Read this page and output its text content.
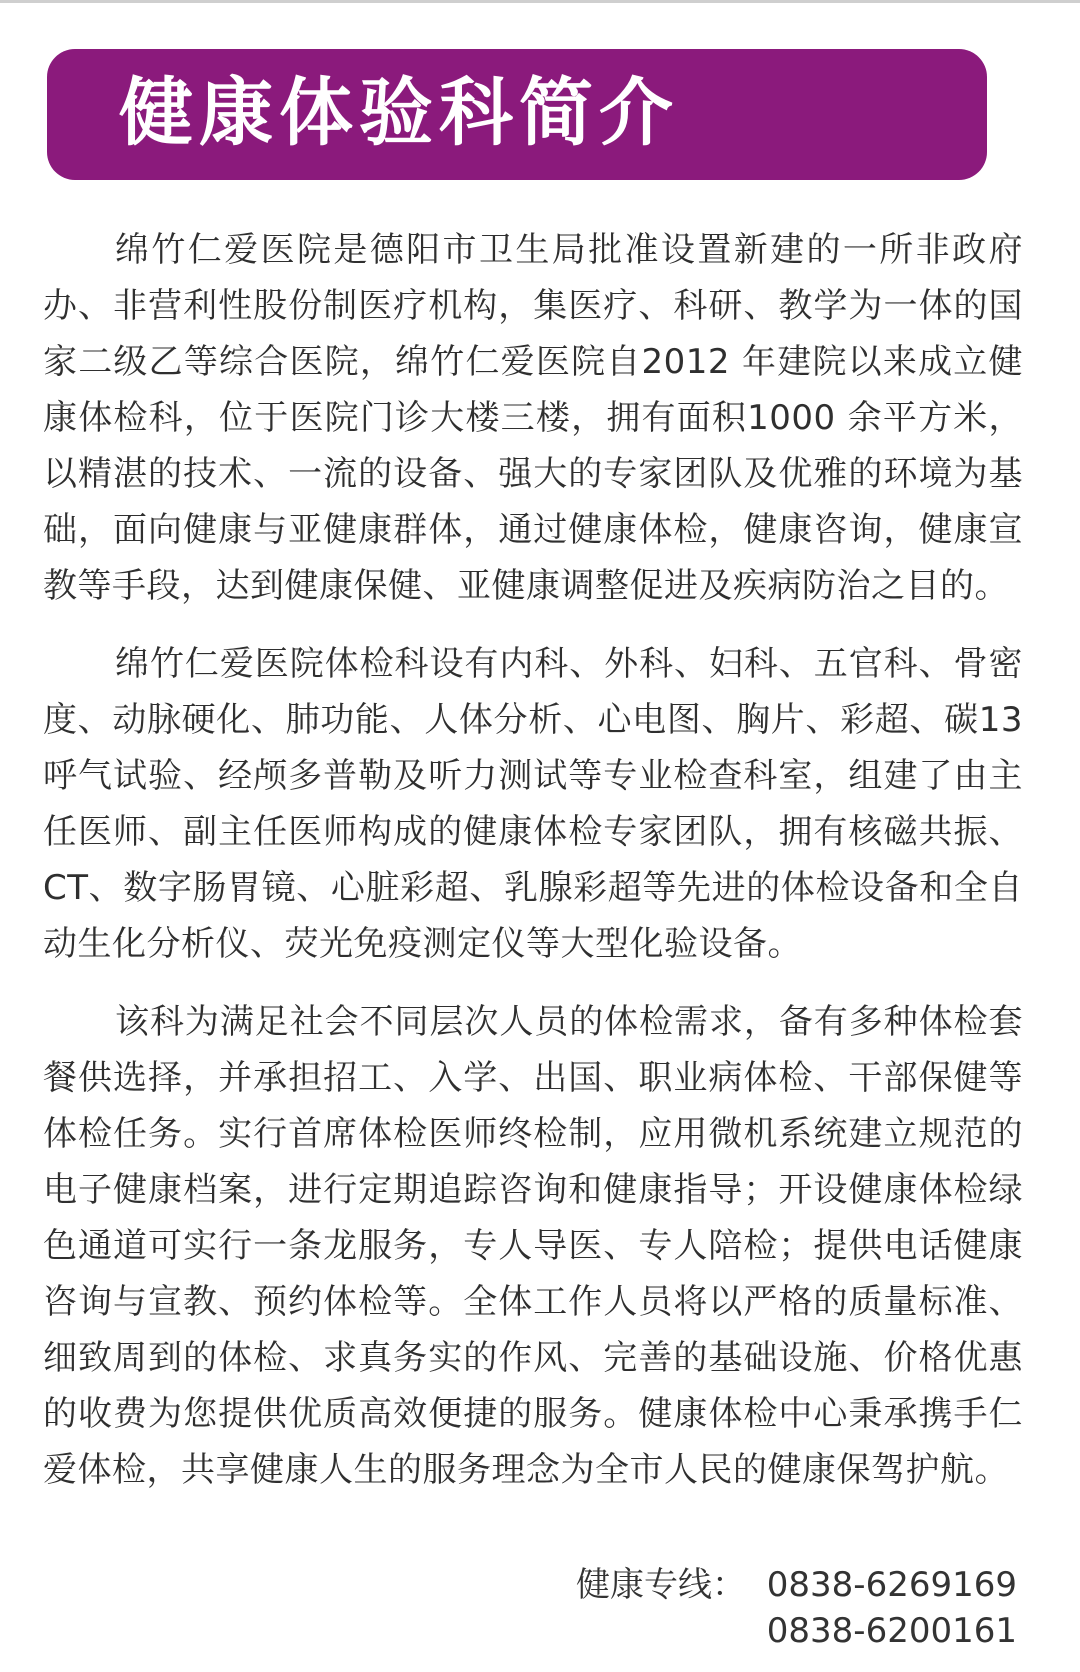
健康体验科简介

绵竹仁爱医院是德阳市卫生局批准设置新建的一所非政府办、非营利性股份制医疗机构，集医疗、科研、教学为一体的国家二级乙等综合医院，绵竹仁爱医院自2012 年建院以来成立健康体检科，位于医院门诊大楼三楼，拥有面积1000 余平方米，以精湛的技术、一流的设备、强大的专家团队及优雅的环境为基础，面向健康与亚健康群体，通过健康体检，健康咨询，健康宣教等手段，达到健康保健、亚健康调整促进及疾病防治之目的。

绵竹仁爱医院体检科设有内科、外科、妇科、五官科、骨密度、动脉硬化、肺功能、人体分析、心电图、胸片、彩超、碳13 呼气试验、经颅多普勒及听力测试等专业检查科室，组建了由主任医师、副主任医师构成的健康体检专家团队，拥有核磁共振、CT、数字肠胃镜、心脏彩超、乳腺彩超等先进的体检设备和全自动生化分析仪、荧光免疫测定仪等大型化验设备。

该科为满足社会不同层次人员的体检需求，备有多种体检套餐供选择，并承担招工、入学、出国、职业病体检、干部保健等体检任务。实行首席体检医师终检制，应用微机系统建立规范的电子健康档案，进行定期追踪咨询和健康指导；开设健康体检绿色通道可实行一条龙服务，专人导医、专人陪检；提供电话健康咨询与宣教、预约体检等。全体工作人员将以严格的质量标准、细致周到的体检、求真务实的作风、完善的基础设施、价格优惠的收费为您提供优质高效便捷的服务。健康体检中心秉承携手仁爱体检，共享健康人生的服务理念为全市人民的健康保驾护航。

健康专线： 0838-6269169
0838-6200161
